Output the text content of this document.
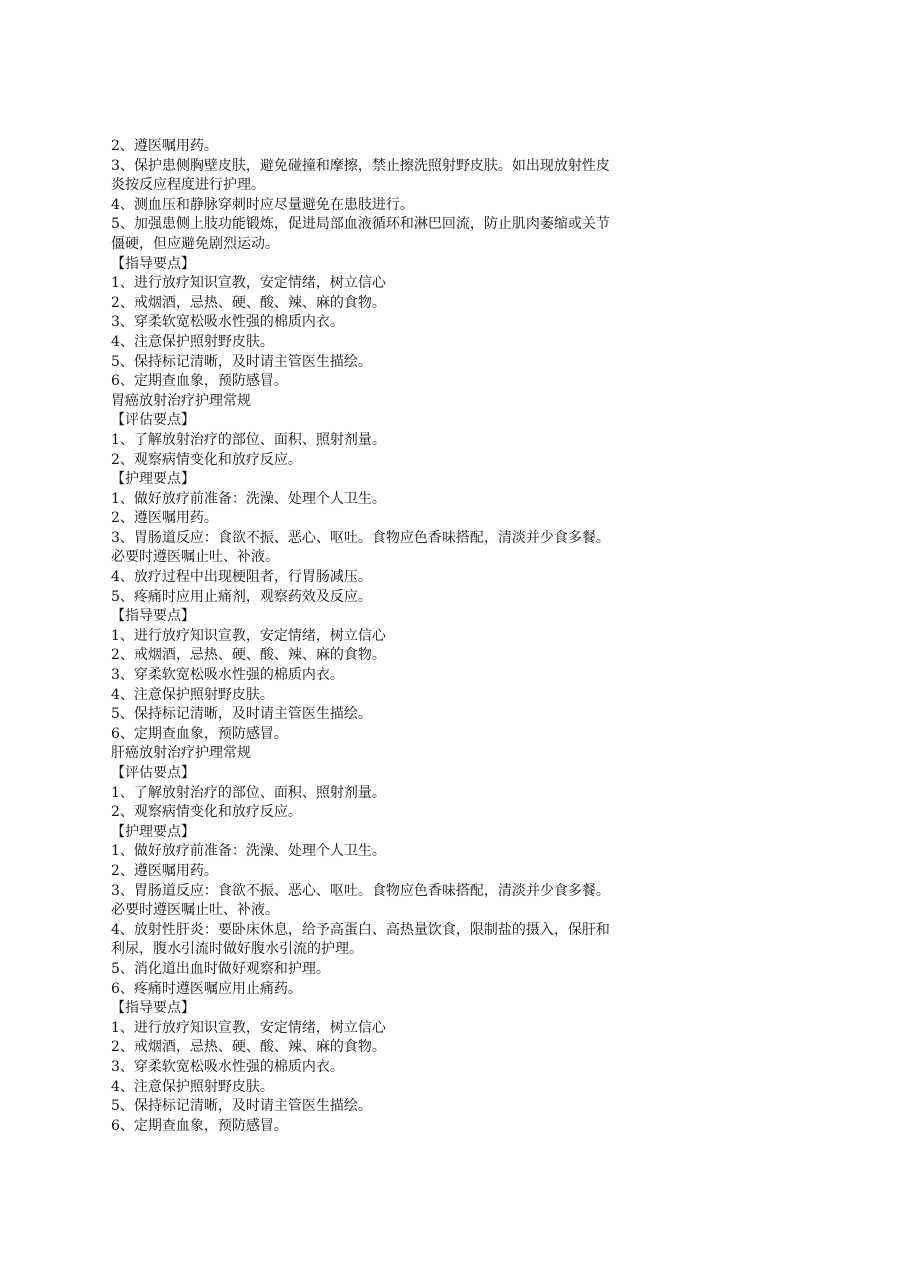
2、遵医嘱用药。
3、保护患侧胸壁皮肤，避免碰撞和摩擦，禁止擦洗照射野皮肤。如出现放射性皮
炎按反应程度进行护理。
4、测血压和静脉穿刺时应尽量避免在患肢进行。
5、加强患侧上肢功能锻炼，促进局部血液循环和淋巴回流，防止肌肉萎缩或关节
僵硬，但应避免剧烈运动。
【指导要点】
1、进行放疗知识宣教，安定情绪，树立信心
2、戒烟酒，忌热、硬、酸、辣、麻的食物。
3、穿柔软宽松吸水性强的棉质内衣。
4、注意保护照射野皮肤。
5、保持标记清晰，及时请主管医生描绘。
6、定期查血象，预防感冒。
胃癌放射治疗护理常规
【评估要点】
1、了解放射治疗的部位、面积、照射剂量。
2、观察病情变化和放疗反应。
【护理要点】
1、做好放疗前准备：洗澡、处理个人卫生。
2、遵医嘱用药。
3、胃肠道反应：食欲不振、恶心、呕吐。食物应色香味搭配，清淡并少食多餐。
必要时遵医嘱止吐、补液。
4、放疗过程中出现梗阻者，行胃肠减压。
5、疼痛时应用止痛剂，观察药效及反应。
【指导要点】
1、进行放疗知识宣教，安定情绪，树立信心
2、戒烟酒，忌热、硬、酸、辣、麻的食物。
3、穿柔软宽松吸水性强的棉质内衣。
4、注意保护照射野皮肤。
5、保持标记清晰，及时请主管医生描绘。
6、定期查血象，预防感冒。
肝癌放射治疗护理常规
【评估要点】
1、了解放射治疗的部位、面积、照射剂量。
2、观察病情变化和放疗反应。
【护理要点】
1、做好放疗前准备：洗澡、处理个人卫生。
2、遵医嘱用药。
3、胃肠道反应：食欲不振、恶心、呕吐。食物应色香味搭配，清淡并少食多餐。
必要时遵医嘱止吐、补液。
4、放射性肝炎：要卧床休息，给予高蛋白、高热量饮食，限制盐的摄入，保肝和
利尿，腹水引流时做好腹水引流的护理。
5、消化道出血时做好观察和护理。
6、疼痛时遵医嘱应用止痛药。
【指导要点】
1、进行放疗知识宣教，安定情绪，树立信心
2、戒烟酒，忌热、硬、酸、辣、麻的食物。
3、穿柔软宽松吸水性强的棉质内衣。
4、注意保护照射野皮肤。
5、保持标记清晰，及时请主管医生描绘。
6、定期查血象，预防感冒。
